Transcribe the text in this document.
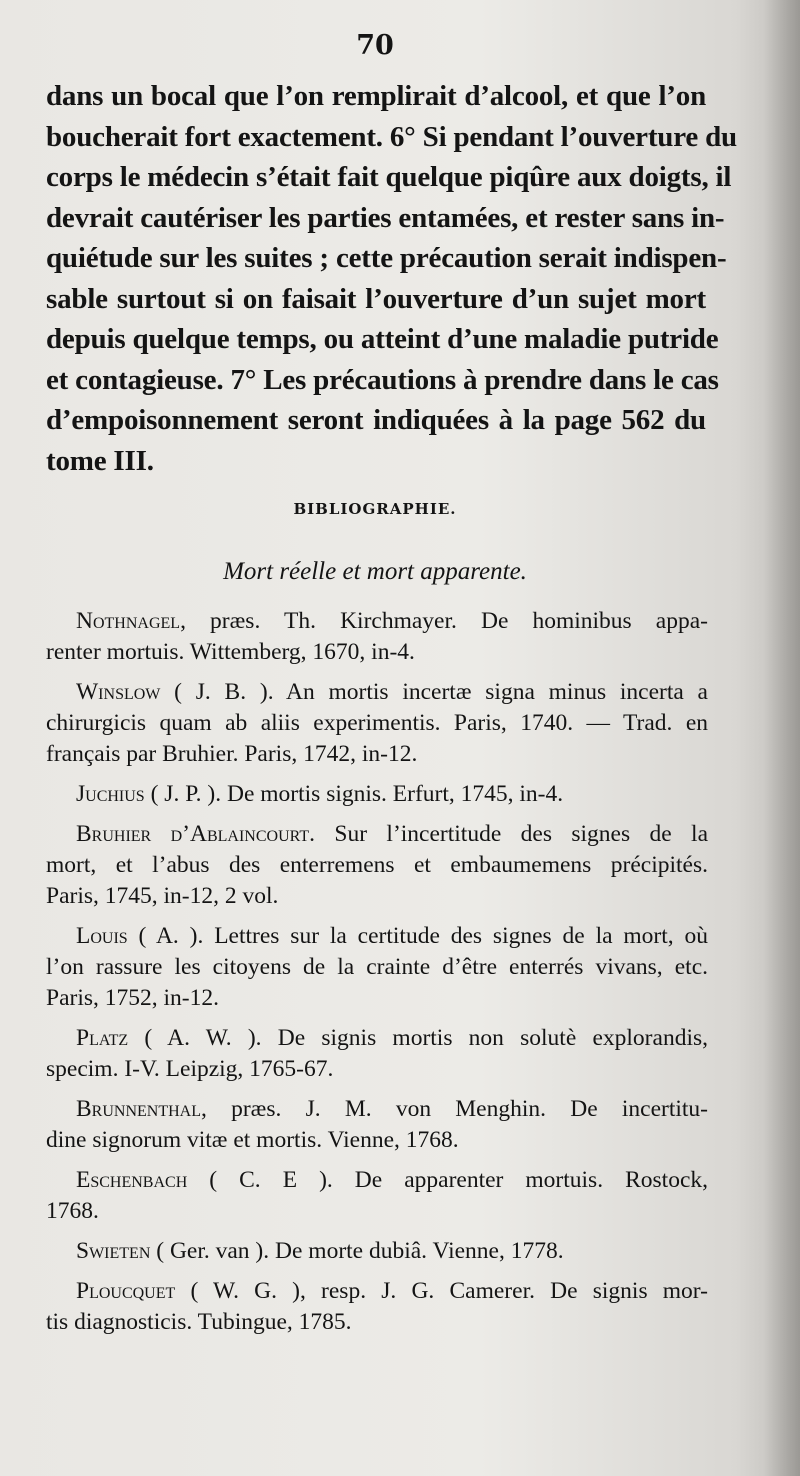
70
dans un bocal que l’on remplirait d’alcool, et que l’on
boucherait fort exactement. 6° Si pendant l’ouverture du
corps le médecin s’était fait quelque piqûre aux doigts, il
devrait cautériser les parties entamées, et rester sans in-
quiétude sur les suites ; cette précaution serait indispen-
sable surtout si on faisait l’ouverture d’un sujet mort
depuis quelque temps, ou atteint d’une maladie putride
et contagieuse. 7° Les précautions à prendre dans le cas
d’empoisonnement seront indiquées à la page 562 du
tome III.
BIBLIOGRAPHIE.
Mort réelle et mort apparente.
Nothnagel, præs. Th. Kirchmayer. De hominibus appa-
renter mortuis. Wittemberg, 1670, in-4.
Winslow ( J. B. ). An mortis incertæ signa minus incerta a
chirurgicis quam ab aliis experimentis. Paris, 1740. — Trad. en
français par Bruhier. Paris, 1742, in-12.
Juchius ( J. P. ). De mortis signis. Erfurt, 1745, in-4.
Bruhier d’Ablaincourt. Sur l’incertitude des signes de la
mort, et l’abus des enterremens et embaumemens précipités.
Paris, 1745, in-12, 2 vol.
Louis ( A. ). Lettres sur la certitude des signes de la mort, où
l’on rassure les citoyens de la crainte d’être enterrés vivans, etc.
Paris, 1752, in-12.
Platz ( A. W. ). De signis mortis non solutè explorandis,
specim. I-V. Leipzig, 1765-67.
Brunnenthal, præs. J. M. von Menghin. De incertitu-
dine signorum vitæ et mortis. Vienne, 1768.
Eschenbach ( C. E ). De apparenter mortuis. Rostock,
1768.
Swieten ( Ger. van ). De morte dubiâ. Vienne, 1778.
Ploucquet ( W. G. ), resp. J. G. Camerer. De signis mor-
tis diagnosticis. Tubingue, 1785.
